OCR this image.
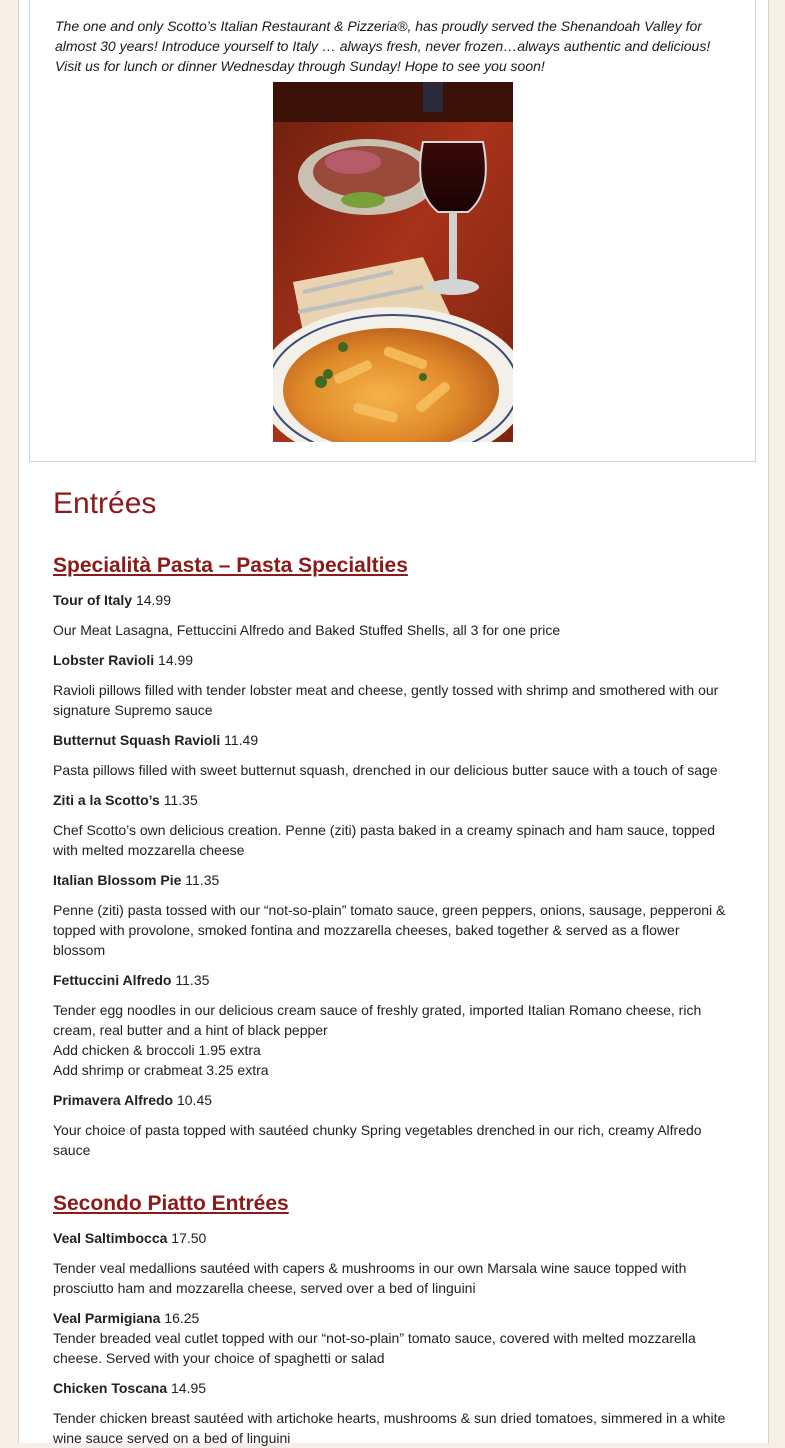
The one and only Scotto’s Italian Restaurant & Pizzeria®, has proudly served the Shenandoah Valley for almost 30 years! Introduce yourself to Italy … always fresh, never frozen…always authentic and delicious! Visit us for lunch or dinner Wednesday through Sunday! Hope to see you soon!

Entrées
Specialità Pasta – Pasta Specialties

Tour of Italy 14.99

Our Meat Lasagna, Fettuccini Alfredo and Baked Stuffed Shells, all 3 for one price

Lobster Ravioli 14.99

Ravioli pillows filled with tender lobster meat and cheese, gently tossed with shrimp and smothered with our signature Supremo sauce

Butternut Squash Ravioli 11.49

Pasta pillows filled with sweet butternut squash, drenched in our delicious butter sauce with a touch of sage

Ziti a la Scotto’s 11.35

Chef Scotto’s own delicious creation. Penne (ziti) pasta baked in a creamy spinach and ham sauce, topped with melted mozzarella cheese

Italian Blossom Pie 11.35

Penne (ziti) pasta tossed with our “not-so-plain” tomato sauce, green peppers, onions, sausage, pepperoni & topped with provolone, smoked fontina and mozzarella cheeses, baked together & served as a flower blossom

Fettuccini Alfredo 11.35

Tender egg noodles in our delicious cream sauce of freshly grated, imported Italian Romano cheese, rich cream, real butter and a hint of black pepper

Add chicken & broccoli 1.95 extra

Add shrimp or crabmeat 3.25 extra

Primavera Alfredo 10.45

Your choice of pasta topped with sautéed chunky Spring vegetables drenched in our rich, creamy Alfredo sauce

Secondo Piatto Entrées

Veal Saltimbocca 17.50

Tender veal medallions sautéed with capers & mushrooms in our own Marsala wine sauce topped with prosciutto ham and mozzarella cheese, served over a bed of linguini

Veal Parmigiana 16.25

Tender breaded veal cutlet topped with our “not-so-plain” tomato sauce, covered with melted mozzarella cheese. Served with your choice of spaghetti or salad

Chicken Toscana 14.95

Tender chicken breast sautéed with artichoke hearts, mushrooms & sun dried tomatoes, simmered in a white wine sauce served on a bed of linguini
